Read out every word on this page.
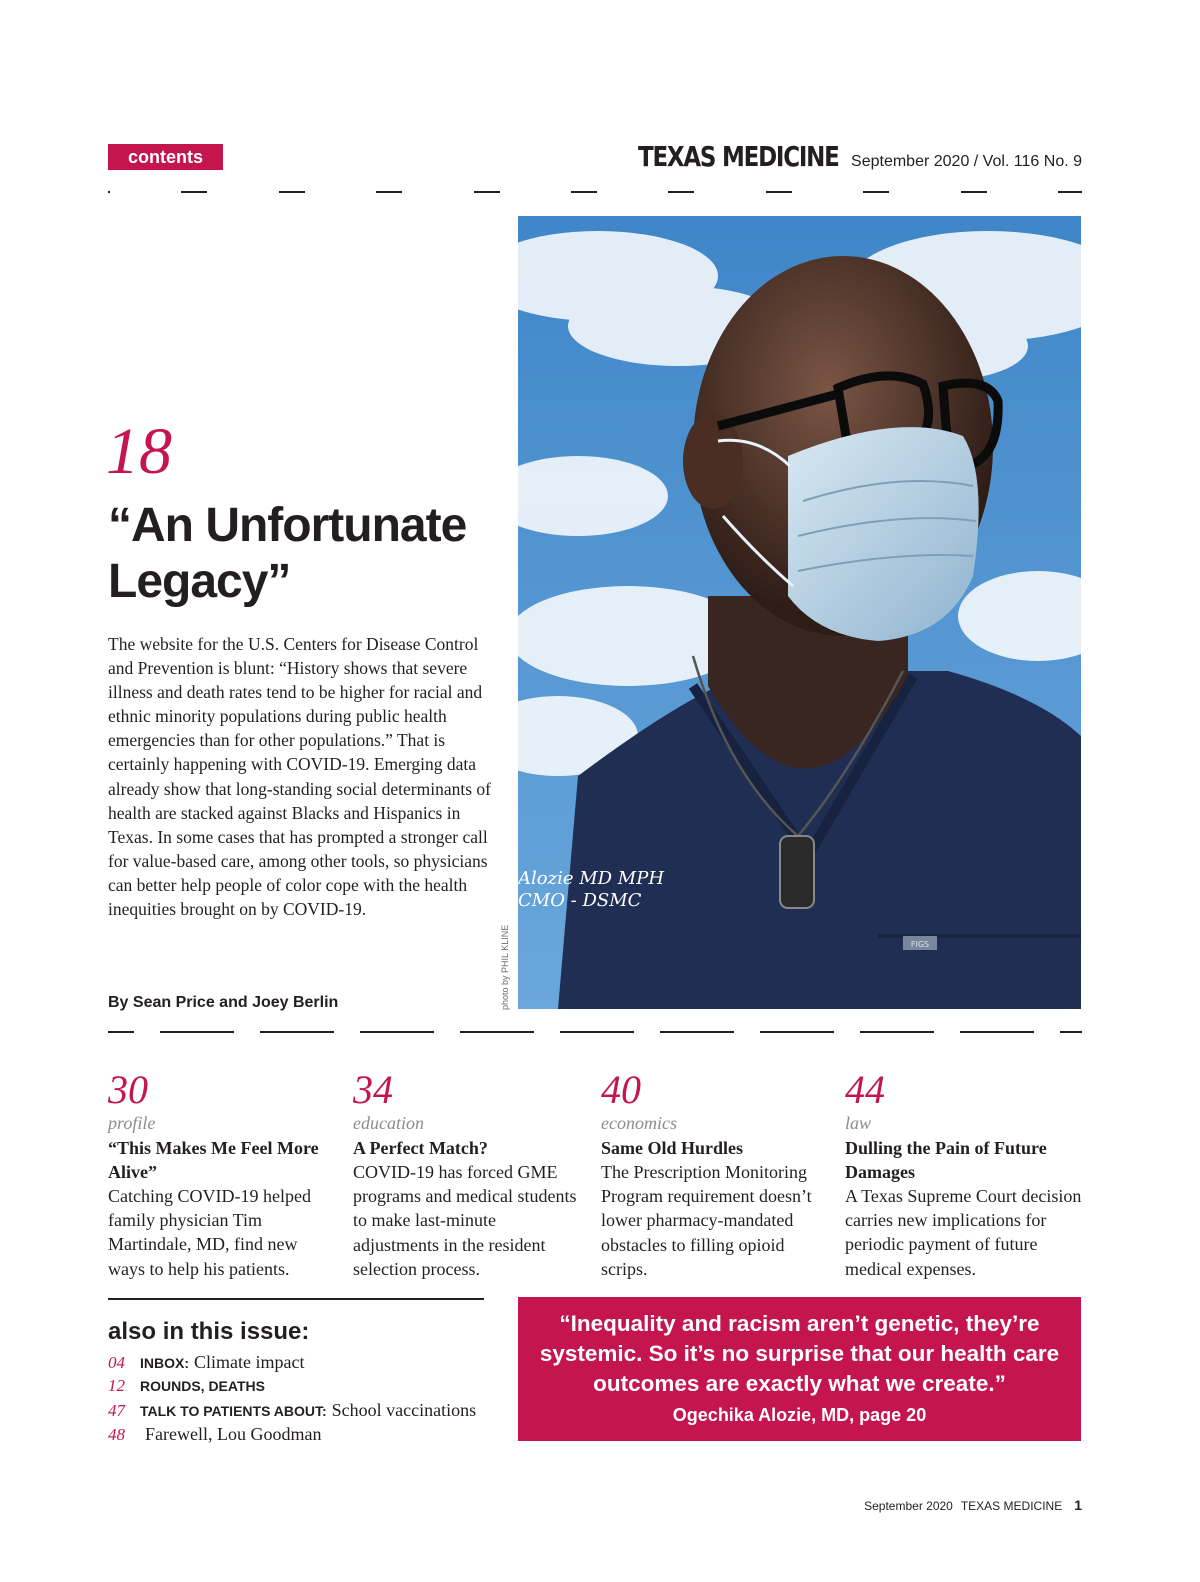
contents	TEXAS MEDICINE September 2020 / Vol. 116 No. 9
18
“An Unfortunate Legacy”
The website for the U.S. Centers for Disease Control and Prevention is blunt: “History shows that severe illness and death rates tend to be higher for racial and ethnic minority populations during public health emergencies than for other populations.” That is certainly happening with COVID-19. Emerging data already show that long-standing social determinants of health are stacked against Blacks and Hispanics in Texas. In some cases that has prompted a stronger call for value-based care, among other tools, so physicians can better help people of color cope with the health inequities brought on by COVID-19.
By Sean Price and Joey Berlin	photo by PHIL KLINE
Alozie MD MPH
CMO - DSMC
FIGS
30
profile
“This Makes Me Feel More Alive”
Catching COVID-19 helped family physician Tim Martindale, MD, find new ways to help his patients.
34
education
A Perfect Match?
COVID-19 has forced GME programs and medical students to make last-minute adjustments in the resident selection process.
40
economics
Same Old Hurdles
The Prescription Monitoring Program requirement doesn’t lower pharmacy-mandated obstacles to filling opioid scrips.
44
law
Dulling the Pain of Future Damages
A Texas Supreme Court decision carries new implications for periodic payment of future medical expenses.
also in this issue:
04	INBOX: Climate impact
12	ROUNDS, DEATHS
47	TALK TO PATIENTS ABOUT: School vaccinations
48	Farewell, Lou Goodman
“Inequality and racism aren’t genetic, they’re systemic. So it’s no surprise that our health care outcomes are exactly what we create.”
Ogechika Alozie, MD, page 20
September 2020 TEXAS MEDICINE 1
